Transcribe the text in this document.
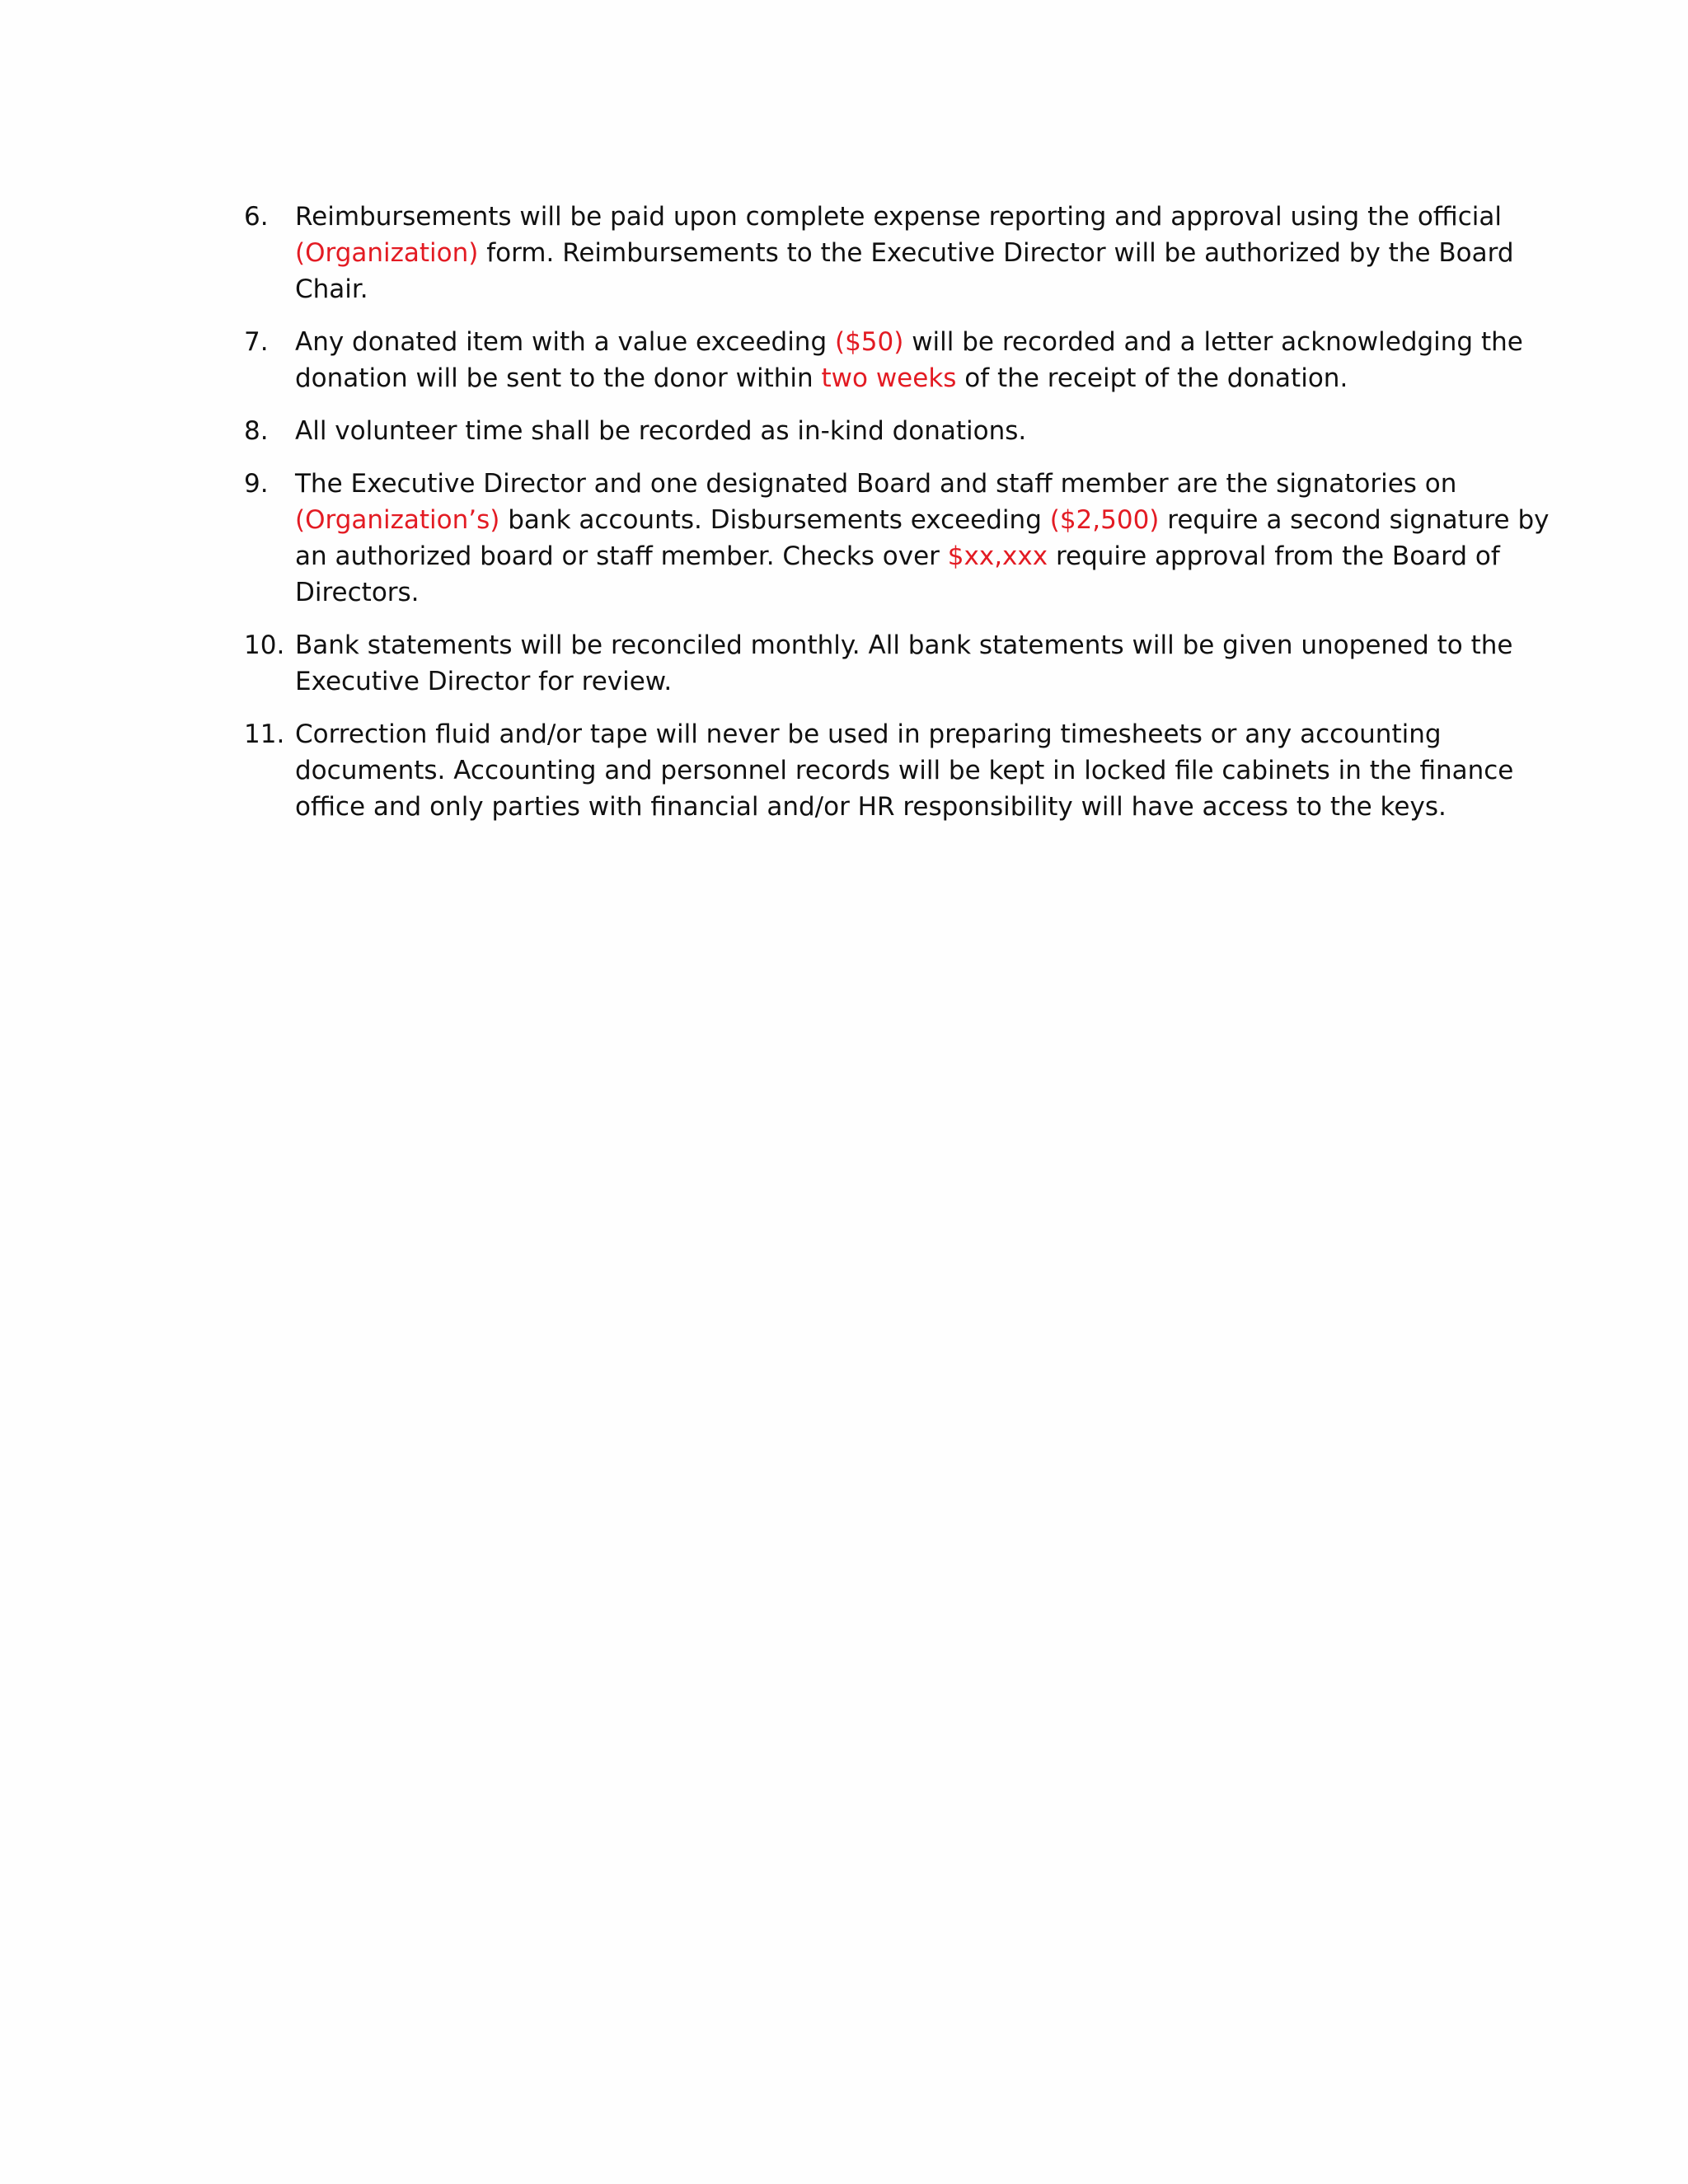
6.	Reimbursements will be paid upon complete expense reporting and approval using the official
(Organization) form. Reimbursements to the Executive Director will be authorized by the Board
Chair.
7.	Any donated item with a value exceeding ($50) will be recorded and a letter acknowledging the
donation will be sent to the donor within two weeks of the receipt of the donation.
8.	All volunteer time shall be recorded as in-kind donations.
9.	The Executive Director and one designated Board and staff member are the signatories on
(Organization’s) bank accounts. Disbursements exceeding ($2,500) require a second signature by
an authorized board or staff member. Checks over $xx,xxx require approval from the Board of
Directors.
10. Bank statements will be reconciled monthly. All bank statements will be given unopened to the
Executive Director for review.
11. Correction fluid and/or tape will never be used in preparing timesheets or any accounting
documents. Accounting and personnel records will be kept in locked file cabinets in the finance
office and only parties with financial and/or HR responsibility will have access to the keys.
